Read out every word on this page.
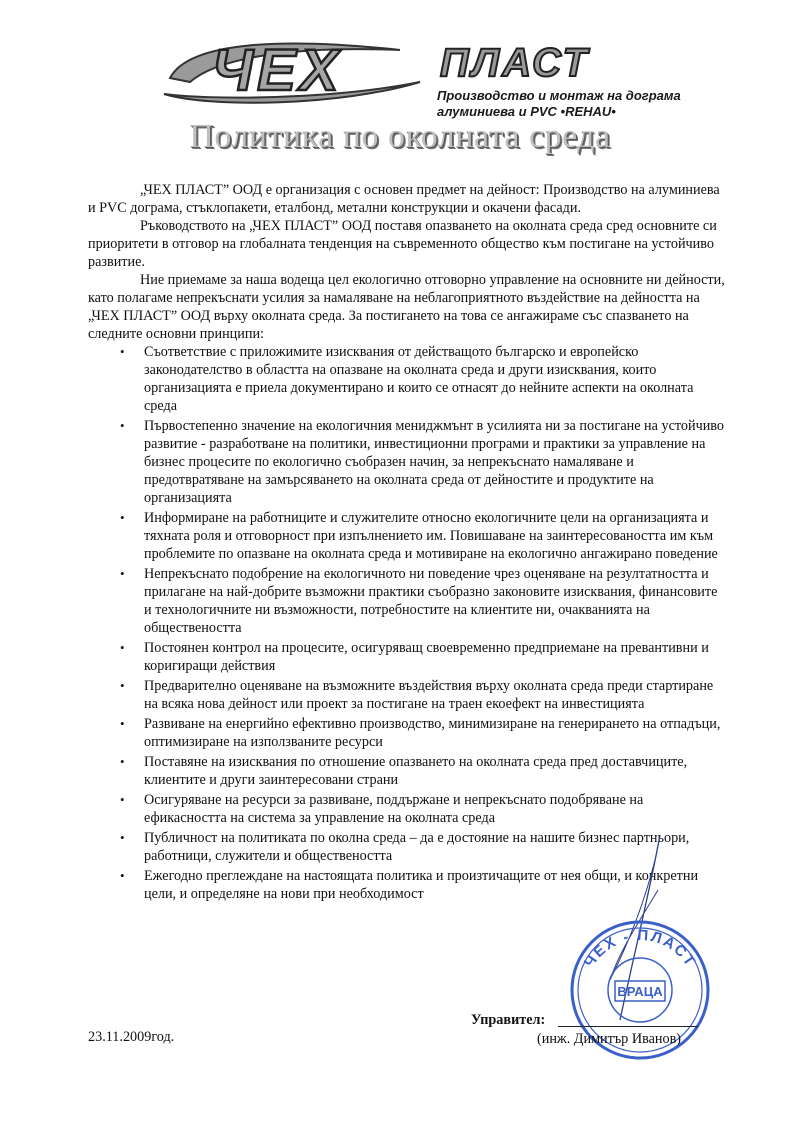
ЧЕХ ПЛАСТ
Производство и монтаж на дограма
алуминиева и PVC •REHAU•
Политика по околната среда

„ЧЕХ ПЛАСТ” ООД е организация с основен предмет на дейност: Производство на алуминиева и PVC дограма, стъклопакети, еталбонд, метални конструкции и окачени фасади.

Ръководството на „ЧЕХ ПЛАСТ” ООД поставя опазването на околната среда сред основните си приоритети в отговор на глобалната тенденция на съвременното общество към постигане на устойчиво развитие.

Ние приемаме за наша водеща цел екологично отговорно управление на основните ни дейности, като полагаме непрекъснати усилия за намаляване на неблагоприятното въздействие на дейността на „ЧЕХ ПЛАСТ” ООД върху околната среда. За постигането на това се ангажираме със спазването на следните основни принципи:

• Съответствие с приложимите изисквания от действащото българско и европейско законодателство в областта на опазване на околната среда и други изисквания, които организацията е приела документирано и които се отнасят до нейните аспекти на околната среда
• Първостепенно значение на екологичния мениджмънт в усилията ни за постигане на устойчиво развитие - разработване на политики, инвестиционни програми и практики за управление на бизнес процесите по екологично съобразен начин, за непрекъснато намаляване и предотвратяване на замърсяването на околната среда от дейностите и продуктите на организацията
• Информиране на работниците и служителите относно екологичните цели на организацията и тяхната роля и отговорност при изпълнението им. Повишаване на заинтересоваността им към проблемите по опазване на околната среда и мотивиране на екологично ангажирано поведение
• Непрекъснато подобрение на екологичното ни поведение чрез оценяване на резултатността и прилагане на най-добрите възможни практики съобразно законовите изисквания, финансовите и технологичните ни възможности, потребностите на клиентите ни, очакванията на обществеността
• Постоянен контрол на процесите, осигуряващ своевременно предприемане на превантивни и коригиращи действия
• Предварително оценяване на възможните въздействия върху околната среда преди стартиране на всяка нова дейност или проект за постигане на траен екоефект на инвестицията
• Развиване на енергийно ефективно производство, минимизиране на генерирането на отпадъци, оптимизиране на използваните ресурси
• Поставяне на изисквания по отношение опазването на околната среда пред доставчиците, клиентите и други заинтересовани страни
• Осигуряване на ресурси за развиване, поддържане и непрекъснато подобряване на ефикасността на система за управление на околната среда
• Публичност на политиката по околна среда – да е достояние на нашите бизнес партньори, работници, служители и обществеността
• Ежегодно преглеждане на настоящата политика и произтичащите от нея общи, и конкретни цели, и определяне на нови при необходимост
ЧЕХ - ПЛАСТ
ВРАЦА
Управител:
23.11.2009год.	(инж. Димитър Иванов)
